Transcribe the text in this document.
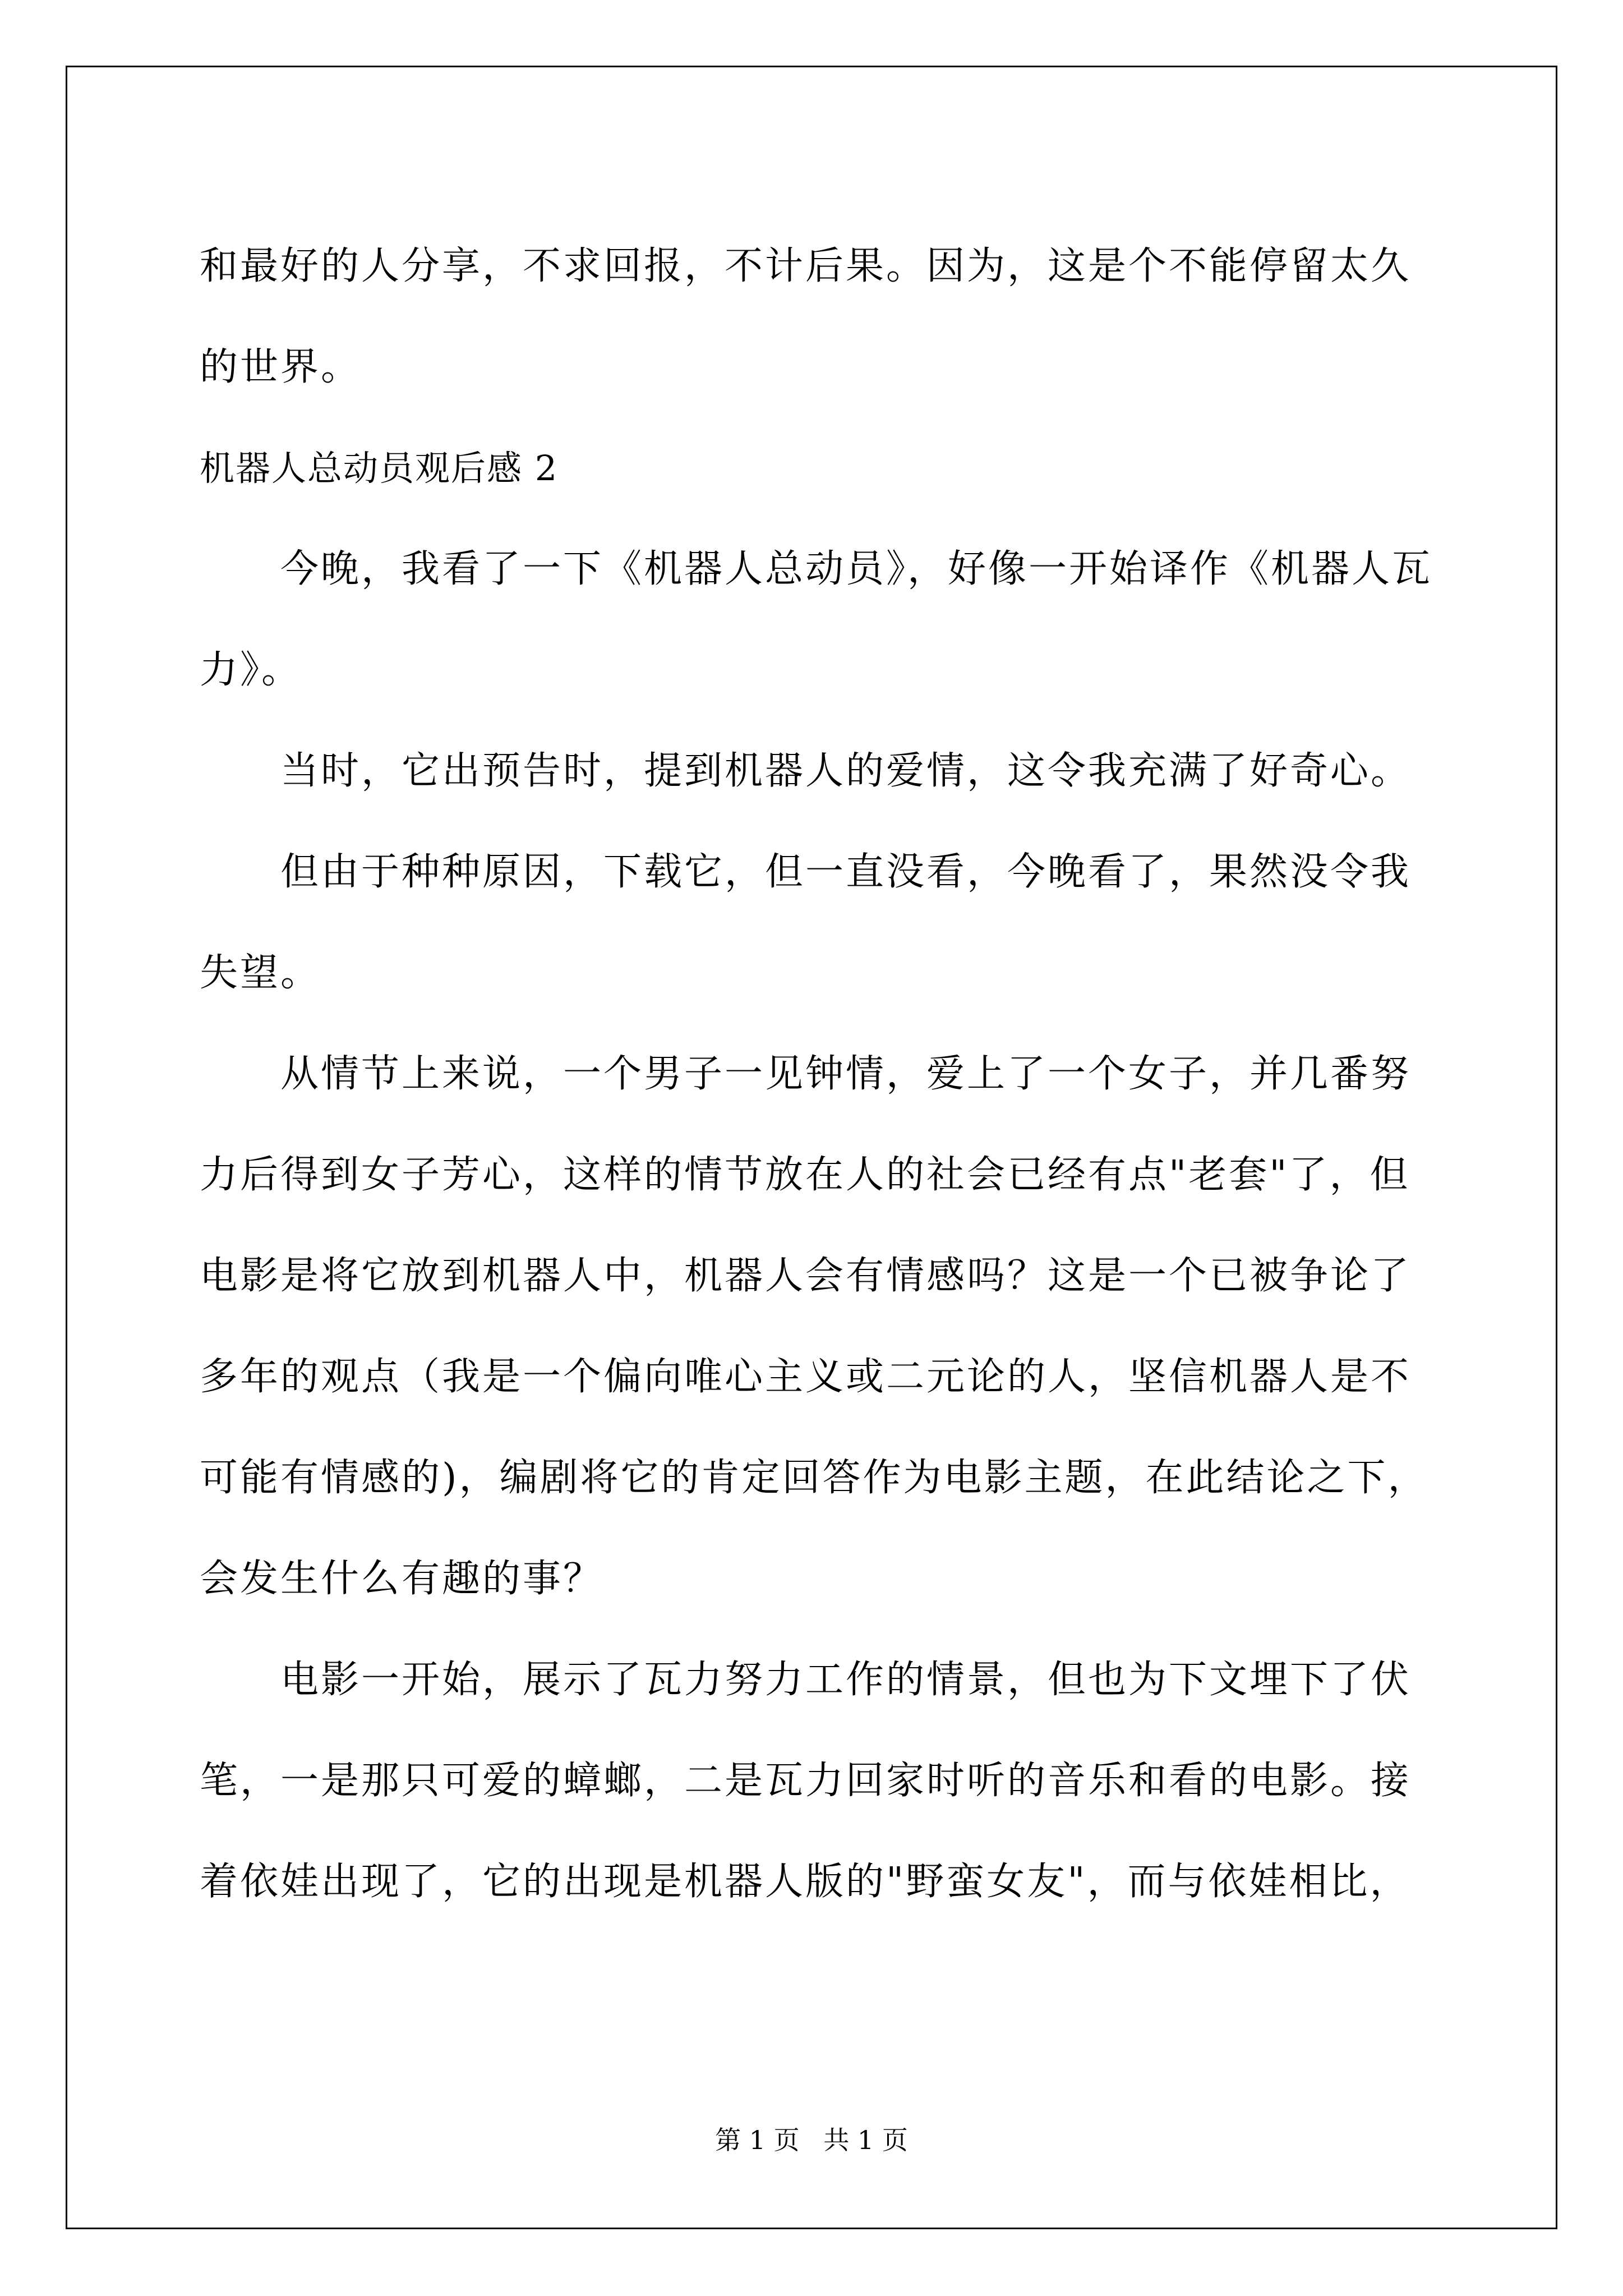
和最好的人分享，不求回报，不计后果。因为，这是个不能停留太久
的世界。
机器人总动员观后感 2
今晚，我看了一下《机器人总动员》，好像一开始译作《机器人瓦
力》。
当时，它出预告时，提到机器人的爱情，这令我充满了好奇心。
但由于种种原因，下载它，但一直没看，今晚看了，果然没令我
失望。
从情节上来说，一个男子一见钟情，爱上了一个女子，并几番努
力后得到女子芳心，这样的情节放在人的社会已经有点"老套"了，但
电影是将它放到机器人中，机器人会有情感吗？这是一个已被争论了
多年的观点（我是一个偏向唯心主义或二元论的人，坚信机器人是不
可能有情感的)，编剧将它的肯定回答作为电影主题，在此结论之下，
会发生什么有趣的事？
电影一开始，展示了瓦力努力工作的情景，但也为下文埋下了伏
笔，一是那只可爱的蟑螂，二是瓦力回家时听的音乐和看的电影。接
着依娃出现了，它的出现是机器人版的"野蛮女友"，而与依娃相比，
第 1 页 共 1 页
